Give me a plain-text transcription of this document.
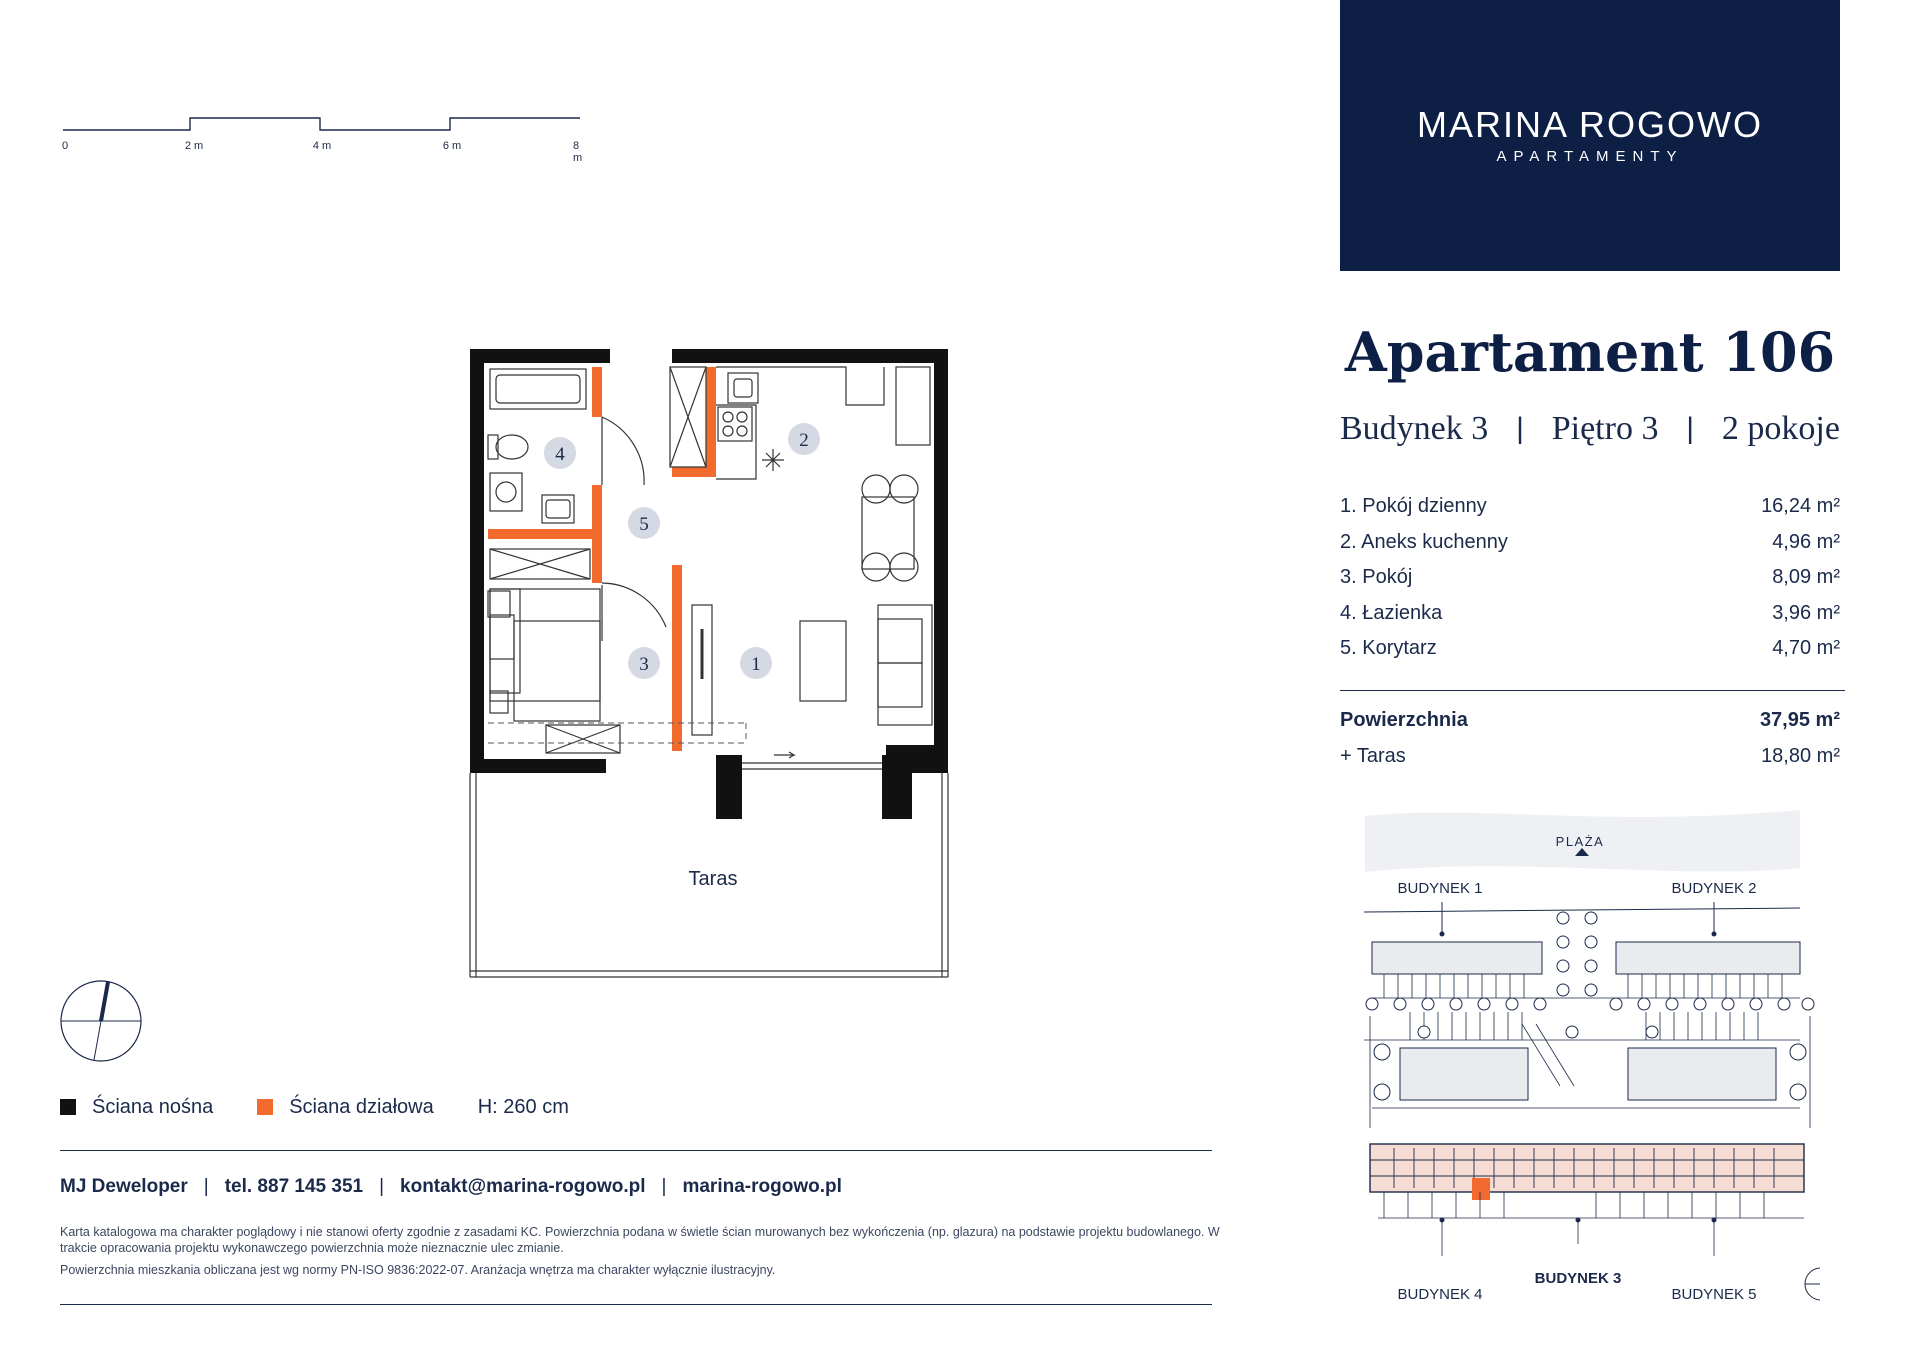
0	2 m	4 m	6 m	8 m
1
2
3
4
5
Taras
Ściana nośna	Ściana działowa H: 260 cm
MJ Deweloper | tel. 887 145 351 | kontakt@marina-rogowo.pl | marina-rogowo.pl

Karta katalogowa ma charakter poglądowy i nie stanowi oferty zgodnie z zasadami KC. Powierzchnia podana w świetle ścian murowanych bez wykończenia (np. glazura) na podstawie projektu budowlanego. W trakcie opracowania projektu wykonawczego powierzchnia może nieznacznie ulec zmianie.

Powierzchnia mieszkania obliczana jest wg normy PN-ISO 9836:2022-07. Aranżacja wnętrza ma charakter wyłącznie ilustracyjny.

MARINA ROGOWO
APARTAMENTY
Apartament 106
Budynek 3 | Piętro 3 | 2 pokoje
1. Pokój dzienny	16,24 m²
2. Aneks kuchenny	4,96 m²
3. Pokój	8,09 m²
4. Łazienka	3,96 m²
5. Korytarz	4,70 m²
Powierzchnia	37,95 m²
+ Taras	18,80 m²
PLAŻA
BUDYNEK 1	BUDYNEK 2
BUDYNEK 3
BUDYNEK 4	BUDYNEK 5
